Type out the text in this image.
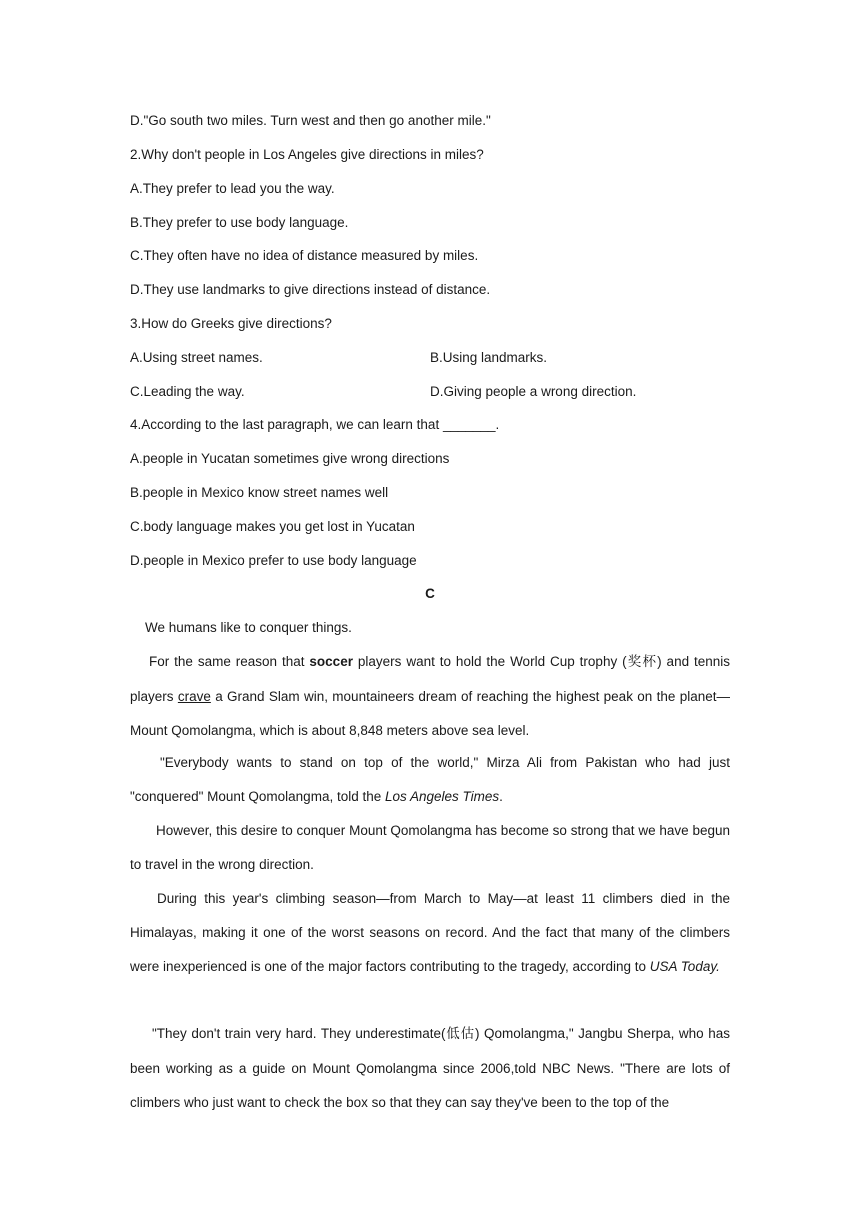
D."Go south two miles. Turn west and then go another mile."
2.Why don't people in Los Angeles give directions in miles?
A.They prefer to lead you the way.
B.They prefer to use body language.
C.They often have no idea of distance measured by miles.
D.They use landmarks to give directions instead of distance.
3.How do Greeks give directions?
A.Using street names.	B.Using landmarks.
C.Leading the way.	D.Giving people a wrong direction.
4.According to the last paragraph, we can learn that _______.
A.people in Yucatan sometimes give wrong directions
B.people in Mexico know street names well
C.body language makes you get lost in Yucatan
D.people in Mexico prefer to use body language
C
We humans like to conquer things.
For the same reason that soccer players want to hold the World Cup trophy (奖杯) and tennis players crave a Grand Slam win, mountaineers dream of reaching the highest peak on the planet—Mount Qomolangma, which is about 8,848 meters above sea level.
"Everybody wants to stand on top of the world," Mirza Ali from Pakistan who had just "conquered" Mount Qomolangma, told the Los Angeles Times.
However, this desire to conquer Mount Qomolangma has become so strong that we have begun to travel in the wrong direction.
During this year's climbing season—from March to May—at least 11 climbers died in the Himalayas, making it one of the worst seasons on record. And the fact that many of the climbers were inexperienced is one of the major factors contributing to the tragedy, according to USA Today.
"They don't train very hard. They underestimate(低估) Qomolangma," Jangbu Sherpa, who has been working as a guide on Mount Qomolangma since 2006,told NBC News. "There are lots of climbers who just want to check the box so that they can say they've been to the top of the
